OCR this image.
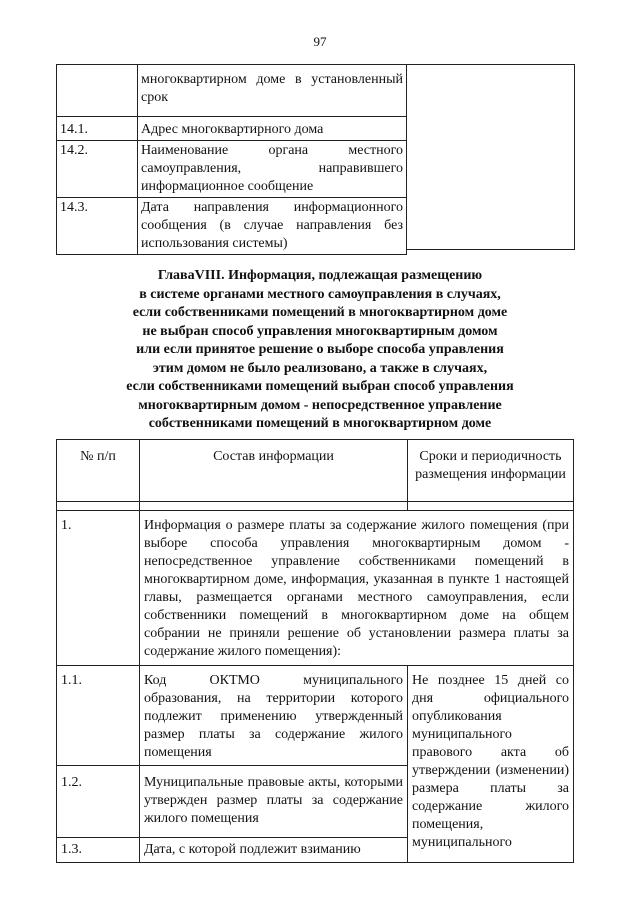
97
	многоквартирном доме в установленный срок
14.1.	Адрес многоквартирного дома
14.2.	Наименование органа местного самоуправления, направившего информационное сообщение
14.3.	Дата направления информационного сообщения (в случае направления без использования системы)
ГлаваVIII. Информация, подлежащая размещению
в системе органами местного самоуправления в случаях,
если собственниками помещений в многоквартирном доме
не выбран способ управления многоквартирным домом
или если принятое решение о выборе способа управления
этим домом не было реализовано, а также в случаях,
если собственниками помещений выбран способ управления
многоквартирным домом - непосредственное управление
собственниками помещений в многоквартирном доме
№ п/п	Состав информации	Сроки и периодичность размещения информации

1.	Информация о размере платы за содержание жилого помещения (при выборе способа управления многоквартирным домом - непосредственное управление собственниками помещений в многоквартирном доме, информация, указанная в пункте 1 настоящей главы, размещается органами местного самоуправления, если собственники помещений в многоквартирном доме на общем собрании не приняли решение об установлении размера платы за содержание жилого помещения):	
1.1.	Код ОКТМО муниципального образования, на территории которого подлежит применению утвержденный размер платы за содержание жилого помещения	Не позднее 15 дней со дня официального опубликования муниципального правового акта об утверждении (изменении) размера платы за содержание жилого помещения, муниципального
1.2.	Муниципальные правовые акты, которыми утвержден размер платы за содержание жилого помещения	
1.3.	Дата, с которой подлежит взиманию	
